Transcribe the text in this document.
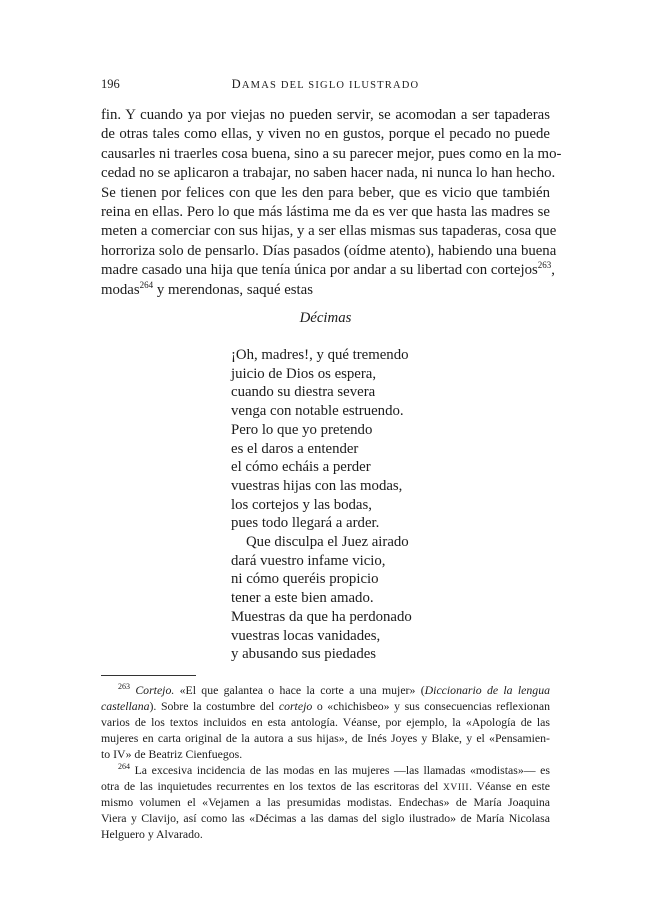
196	DAMAS DEL SIGLO ILUSTRADO
fin. Y cuando ya por viejas no pueden servir, se acomodan a ser tapaderas
de otras tales como ellas, y viven no en gustos, porque el pecado no puede
causarles ni traerles cosa buena, sino a su parecer mejor, pues como en la mo-
cedad no se aplicaron a trabajar, no saben hacer nada, ni nunca lo han hecho.
Se tienen por felices con que les den para beber, que es vicio que también
reina en ellas. Pero lo que más lástima me da es ver que hasta las madres se
meten a comerciar con sus hijas, y a ser ellas mismas sus tapaderas, cosa que
horroriza solo de pensarlo. Días pasados (oídme atento), habiendo una buena
madre casado una hija que tenía única por andar a su libertad con cortejos$^{263}$,
modas$^{264}$ y merendonas, saqué estas
Décimas
¡Oh, madres!, y qué tremendo
juicio de Dios os espera,
cuando su diestra severa
venga con notable estruendo.
Pero lo que yo pretendo
es el daros a entender
el cómo echáis a perder
vuestras hijas con las modas,
los cortejos y las bodas,
pues todo llegará a arder.
Que disculpa el Juez airado
dará vuestro infame vicio,
ni cómo queréis propicio
tener a este bien amado.
Muestras da que ha perdonado
vuestras locas vanidades,
y abusando sus piedades
$^{263}$ Cortejo. «El que galantea o hace la corte a una mujer» (Diccionario de la lengua
castellana). Sobre la costumbre del cortejo o «chichisbeo» y sus consecuencias reflexionan
varios de los textos incluidos en esta antología. Véanse, por ejemplo, la «Apología de las
mujeres en carta original de la autora a sus hijas», de Inés Joyes y Blake, y el «Pensamien-
to IV» de Beatriz Cienfuegos.
$^{264}$ La excesiva incidencia de las modas en las mujeres —las llamadas «modistas»— es
otra de las inquietudes recurrentes en los textos de las escritoras del XVIII. Véanse en este
mismo volumen el «Vejamen a las presumidas modistas. Endechas» de María Joaquina
Viera y Clavijo, así como las «Décimas a las damas del siglo ilustrado» de María Nicolasa
Helguero y Alvarado.
